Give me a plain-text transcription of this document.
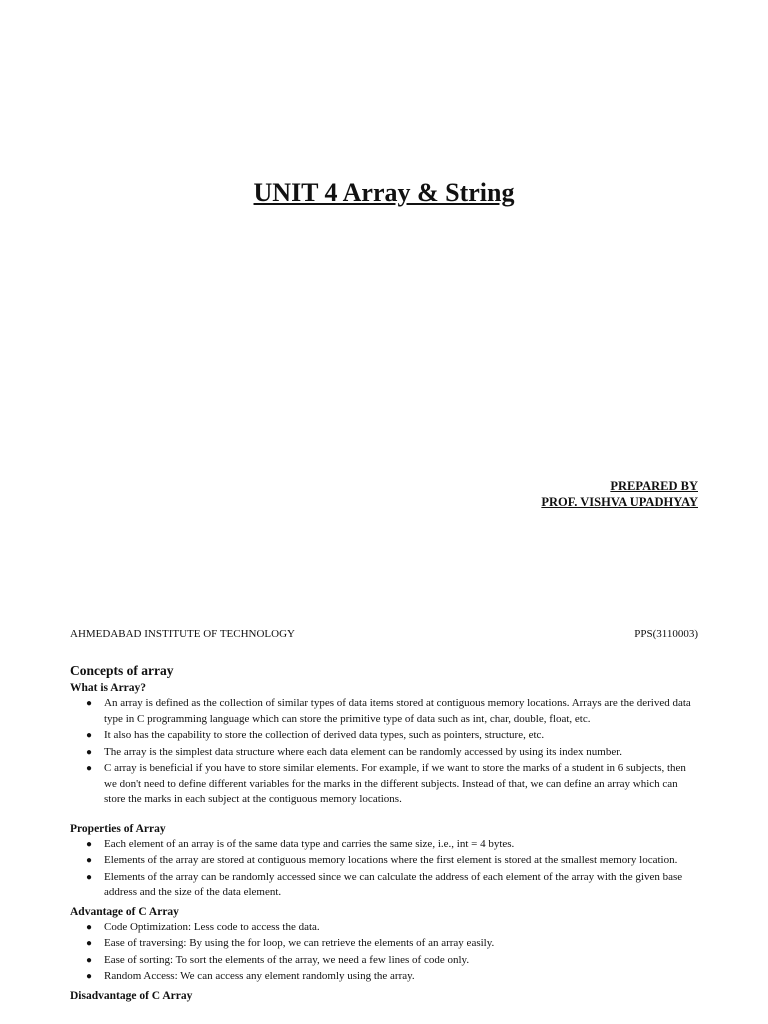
UNIT 4 Array & String
PREPARED BY
PROF. VISHVA UPADHYAY
AHMEDABAD INSTITUTE OF TECHNOLOGY	PPS(3110003)
Concepts of array
What is Array?
● An array is defined as the collection of similar types of data items stored at contiguous memory locations. Arrays are the derived data type in C programming language which can store the primitive type of data such as int, char, double, float, etc.
● It also has the capability to store the collection of derived data types, such as pointers, structure, etc.
● The array is the simplest data structure where each data element can be randomly accessed by using its index number.
● C array is beneficial if you have to store similar elements. For example, if we want to store the marks of a student in 6 subjects, then we don't need to define different variables for the marks in the different subjects. Instead of that, we can define an array which can store the marks in each subject at the contiguous memory locations.
Properties of Array
● Each element of an array is of the same data type and carries the same size, i.e., int = 4 bytes.
● Elements of the array are stored at contiguous memory locations where the first element is stored at the smallest memory location.
● Elements of the array can be randomly accessed since we can calculate the address of each element of the array with the given base address and the size of the data element.
Advantage of C Array
● Code Optimization: Less code to access the data.
● Ease of traversing: By using the for loop, we can retrieve the elements of an array easily.
● Ease of sorting: To sort the elements of the array, we need a few lines of code only.
● Random Access: We can access any element randomly using the array.
Disadvantage of C Array
